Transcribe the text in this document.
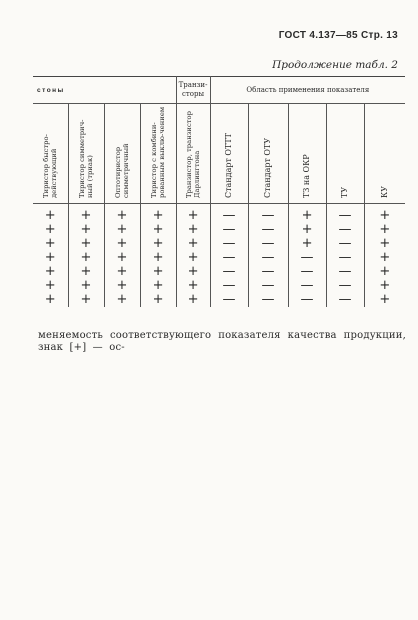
ГОСТ 4.137—85 Стр. 13
Продолжение табл. 2
стоны				Транзи-сторы	Область применения показателя				
Тиристор быстро-действующий	Тиристор симметрич-ный (триак)	Оптотиристор симметричный	Тиристор с комбини-рованным выклю-чением	Транзистор, транзистор Дарлингтона	Стандарт ОТТТ	Стандарт ОТУ	ТЗ на ОКР	ТУ	КУ
+	+	+	+	+	—	—	+	—	+
+	+	+	+	+	—	—	+	—	+
+	+	+	+	+	—	—	+	—	+
+	+	+	+	+	—	—	—	—	+
+	+	+	+	+	—	—	—	—	+
+	+	+	+	+	—	—	—	—	+
+	+	+	+	+	—	—	—	—	+
меняемость соответствующего показателя качества продукции, знак [+] — ос-
